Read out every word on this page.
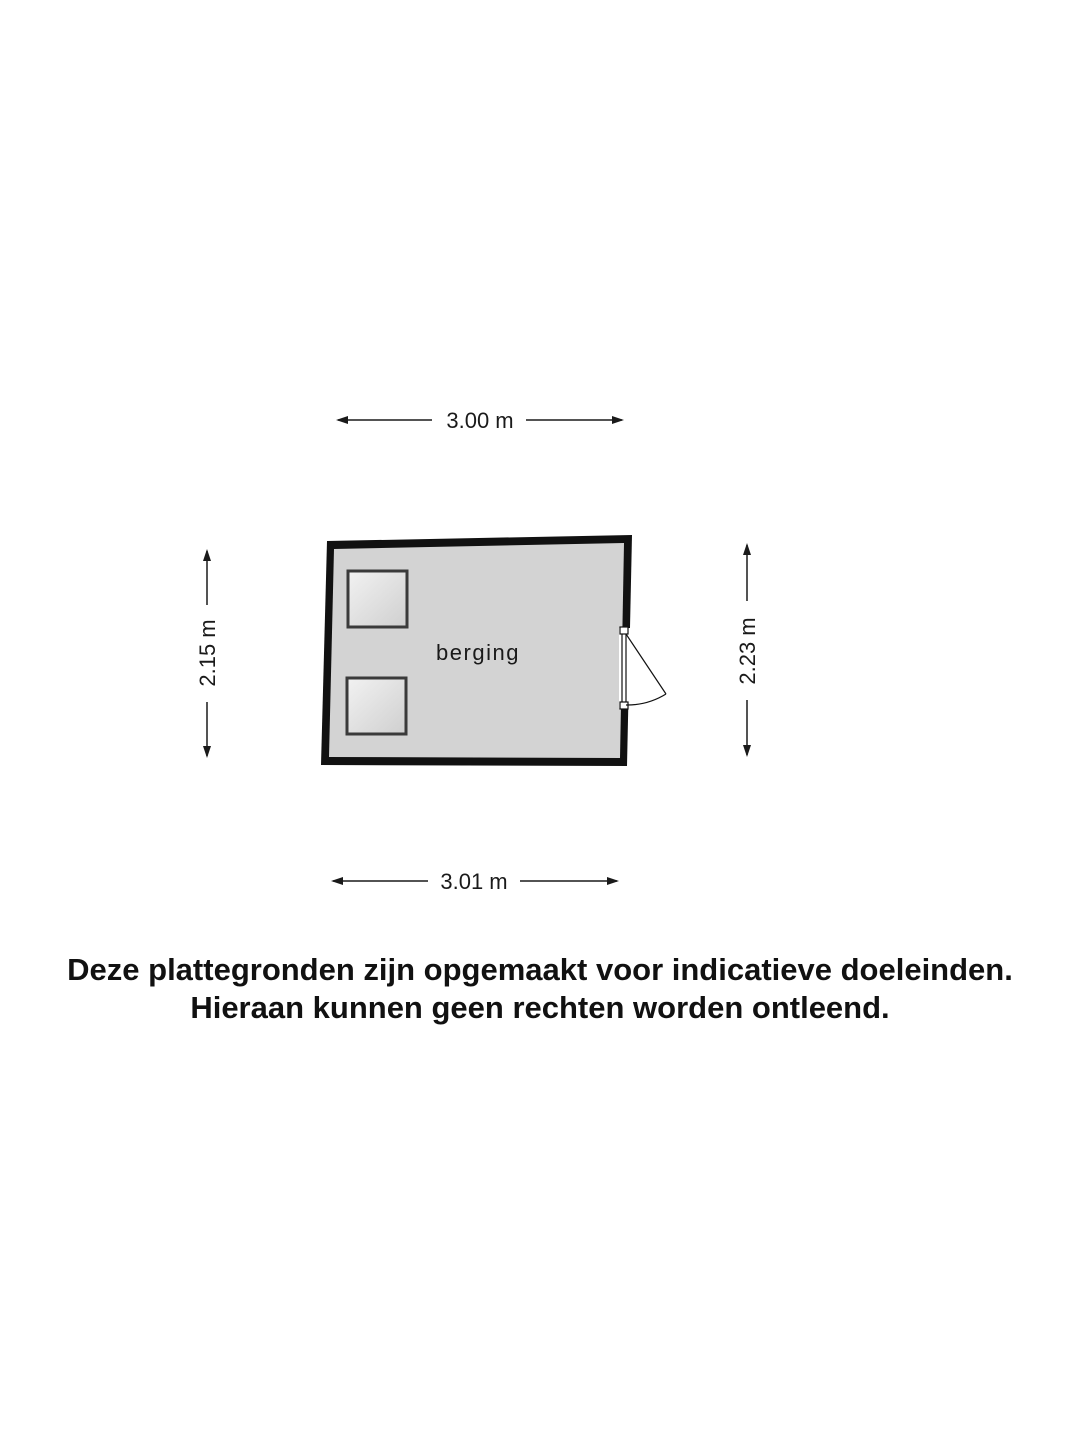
3.00 m
3.01 m
2.15 m	2.23 m
berging
Deze plattegronden zijn opgemaakt voor indicatieve doeleinden.
Hieraan kunnen geen rechten worden ontleend.
